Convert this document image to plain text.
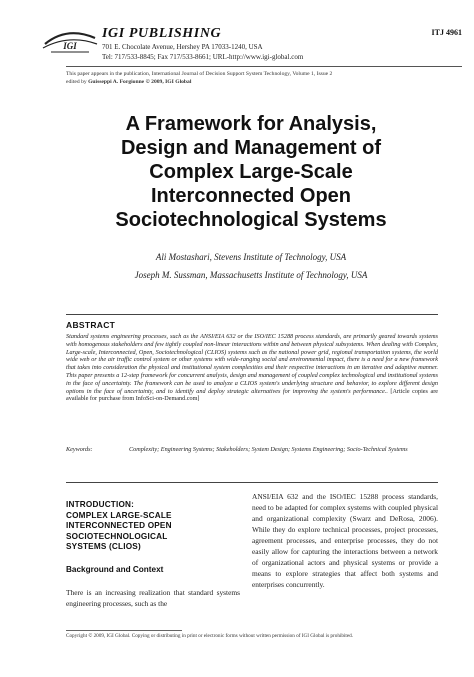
IGI
IGI PUBLISHING
701 E. Chocolate Avenue, Hershey PA 17033-1240, USA
Tel: 717/533-8845; Fax 717/533-8661; URL-http://www.igi-global.com
ITJ 4961
This paper appears in the publication, International Journal of Decision Support System Technology, Volume 1, Issue 2
edited by Guisseppi A. Forgionne © 2009, IGI Global
A Framework for Analysis,
Design and Management of
Complex Large-Scale
Interconnected Open
Sociotechnological Systems
Ali Mostashari, Stevens Institute of Technology, USA
Joseph M. Sussman, Massachusetts Institute of Technology, USA
ABSTRACT
Standard systems engineering processes, such as the ANSI/EIA 632 or the ISO/IEC 15288 process standards, are primarily geared towards systems with homogenous stakeholders and few tightly coupled non-linear interactions within and between physical subsystems. When dealing with Complex, Large-scale, Interconnected, Open, Sociotechnological (CLIOS) systems such as the national power grid, regional transportation systems, the world wide web or the air traffic control system or other systems with wide-ranging social and environmental impact, there is a need for a new framework that takes into consideration the physical and institutional system complexities and their respective interactions in an iterative and adaptive manner. This paper presents a 12-step framework for concurrent analysis, design and management of coupled complex technological and institutional systems in the face of uncertainty. The framework can be used to analyze a CLIOS system's underlying structure and behavior, to explore different design options in the face of uncertainty, and to identify and deploy strategic alternatives for improving the system's performance.. [Article copies are available for purchase from InfoSci-on-Demand.com]
Keywords:	Complexity; Engineering Systems; Stakeholders; System Design; Systems Engineering; Socio-Technical Systems
INTRODUCTION:
COMPLEX LARGE-SCALE
INTERCONNECTED OPEN
SOCIOTECHNOLOGICAL
SYSTEMS (CLIOS)
Background and Context

There is an increasing realization that standard systems engineering processes, such as the

ANSI/EIA 632 and the ISO/IEC 15288 process standards, need to be adapted for complex systems with coupled physical and organizational complexity (Swarz and DeRosa, 2006). While they do explore technical processes, project processes, agreement processes, and enterprise processes, they do not easily allow for capturing the interactions between a network of organizational actors and physical systems or provide a means to explore strategies that affect both systems and enterprises concurrently.

Copyright © 2009, IGI Global. Copying or distributing in print or electronic forms without written permission of IGI Global is prohibited.
